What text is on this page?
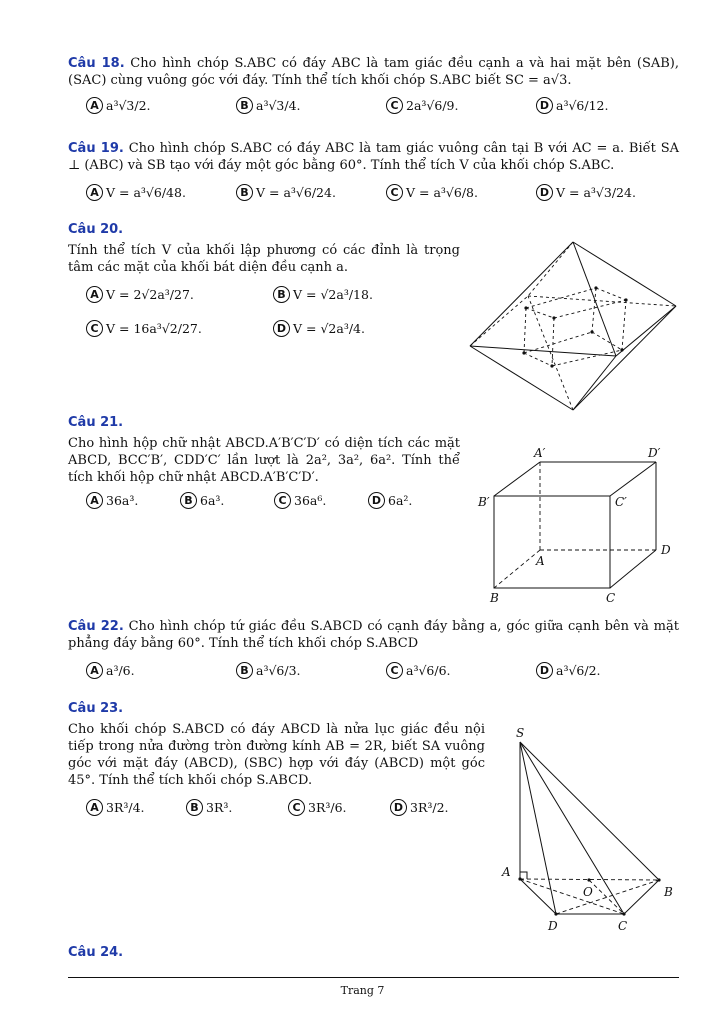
Câu 18. Cho hình chóp S.ABC có đáy ABC là tam giác đều cạnh a và hai mặt bên (SAB), (SAC) cùng vuông góc với đáy. Tính thể tích khối chóp S.ABC biết SC = a√3.
A a³√3/2.	B a³√3/4.	C 2a³√6/9.	D a³√6/12.
Câu 19. Cho hình chóp S.ABC có đáy ABC là tam giác vuông cân tại B với AC = a. Biết SA ⊥ (ABC) và SB tạo với đáy một góc bằng 60°. Tính thể tích V của khối chóp S.ABC.
A V = a³√6/48.	B V = a³√6/24.	C V = a³√6/8.	D V = a³√3/24.
Câu 20.
Tính thể tích V của khối lập phương có các đỉnh là trọng tâm các mặt của khối bát diện đều cạnh a.
A V = 2√2a³/27.	B V = √2a³/18.
C V = 16a³√2/27.	D V = √2a³/4.
Câu 21.
Cho hình hộp chữ nhật ABCD.A′B′C′D′ có diện tích các mặt ABCD, BCC′B′, CDD′C′ lần lượt là 2a², 3a², 6a². Tính thể tích khối hộp chữ nhật ABCD.A′B′C′D′.
A 36a³.	B 6a³.	C 36a⁶.	D 6a².
A′	D′
B′	C′
A
D
B	C
Câu 22. Cho hình chóp tứ giác đều S.ABCD có cạnh đáy bằng a, góc giữa cạnh bên và mặt phẳng đáy bằng 60°. Tính thể tích khối chóp S.ABCD
A a³/6.	B a³√6/3.	C a³√6/6.	D a³√6/2.
Câu 23.
Cho khối chóp S.ABCD có đáy ABCD là nửa lục giác đều nội tiếp trong nửa đường tròn đường kính AB = 2R, biết SA vuông góc với mặt đáy (ABCD), (SBC) hợp với đáy (ABCD) một góc 45°. Tính thể tích khối chóp S.ABCD.
A 3R³/4.	B 3R³.	C 3R³/6.	D 3R³/2.
S
A
O	B
D	C
Câu 24.
Trang 7
